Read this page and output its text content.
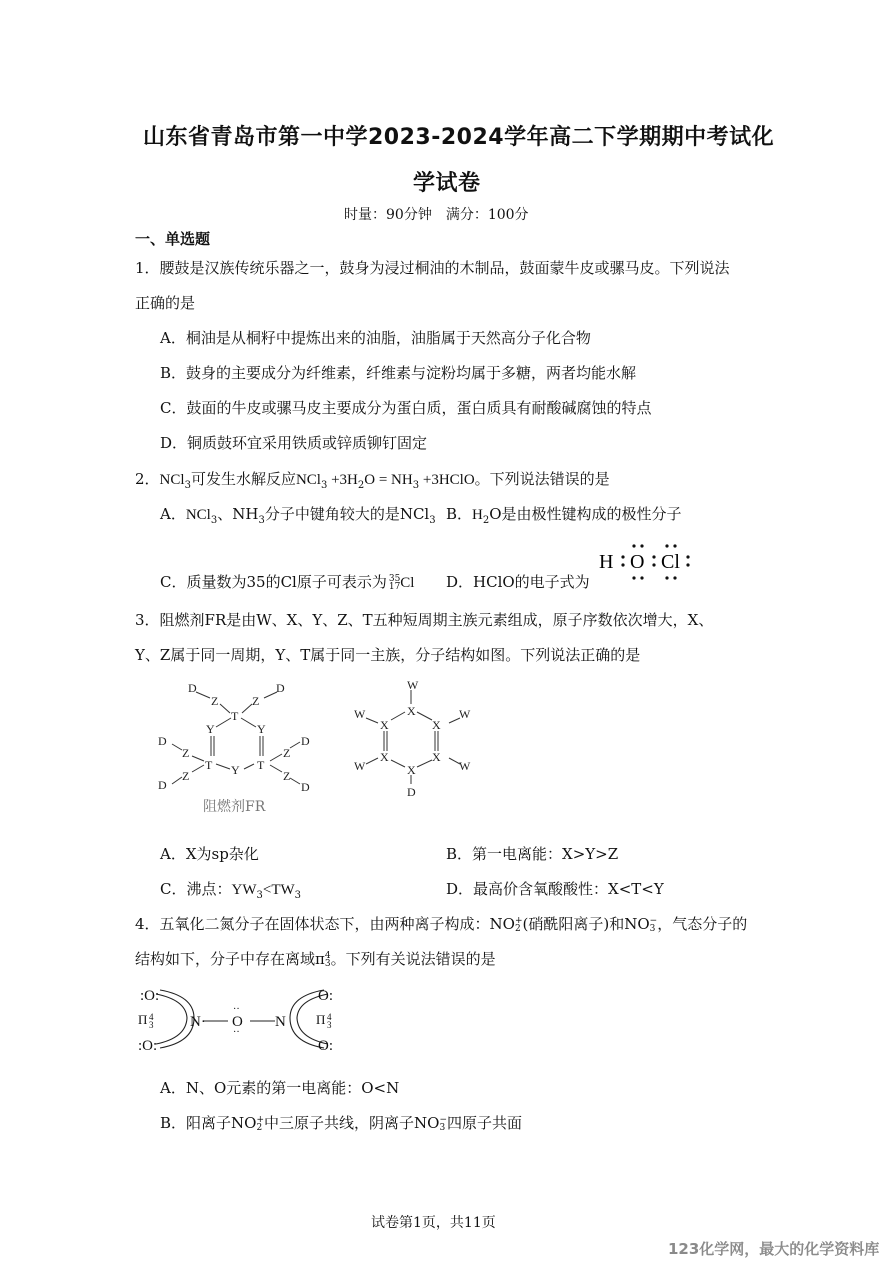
山东省青岛市第一中学2023-2024学年高二下学期期中考试化
学试卷
时量：90分钟　满分：100分
一、单选题
1．腰鼓是汉族传统乐器之一，鼓身为浸过桐油的木制品，鼓面蒙牛皮或骡马皮。下列说法
正确的是
A．桐油是从桐籽中提炼出来的油脂，油脂属于天然高分子化合物
B．鼓身的主要成分为纤维素，纤维素与淀粉均属于多糖，两者均能水解
C．鼓面的牛皮或骡马皮主要成分为蛋白质，蛋白质具有耐酸碱腐蚀的特点
D．铜质鼓环宜采用铁质或锌质铆钉固定
2．NCl$_3$可发生水解反应$NCl_3 +3H_2O = NH_3$ +3HClO。下列说法错误的是
A．NCl$_3$、$NH_3$分子中键角较大的是NCl$_3$ B．$H_2O$是由极性键构成的极性分子
C．质量数为35的Cl原子可表示为 35
17Cl D．HClO的电子式为
H O Cl
3．阻燃剂FR是由W、X、Y、Z、T五种短周期主族元素组成，原子序数依次增大，X、
Y、Z属于同一周期，Y、T属于同一主族，分子结构如图。下列说法正确的是
D
Z
T
Z
D
Y	Y
T Y T
D
Z
D
Z
Z
D
Z
D
阻燃剂FR
W
X
W
X	X
W
X	X
W	W
X
D
A．X为sp杂化	B．第一电离能：X>Y>Z
C．沸点：$YW_3<TW_3$	D．最高价含氧酸酸性：X<T<Y
4．五氧化二氮分子在固体状态下，由两种离子构成：NO+
2 (硝酰阳离子)和NO−
3 ，气态分子的
结构如下，分子中存在离域π4
3。下列有关说法错误的是
:O:
:O:
Π 4
3 N· O
··
··
N
O:
O:
Π 4
3
A．N、O元素的第一电离能：O<N
B．阳离子NO+
2 中三原子共线，阴离子NO−
3 四原子共面
试卷第1页，共11页
123化学网，最大的化学资料库
